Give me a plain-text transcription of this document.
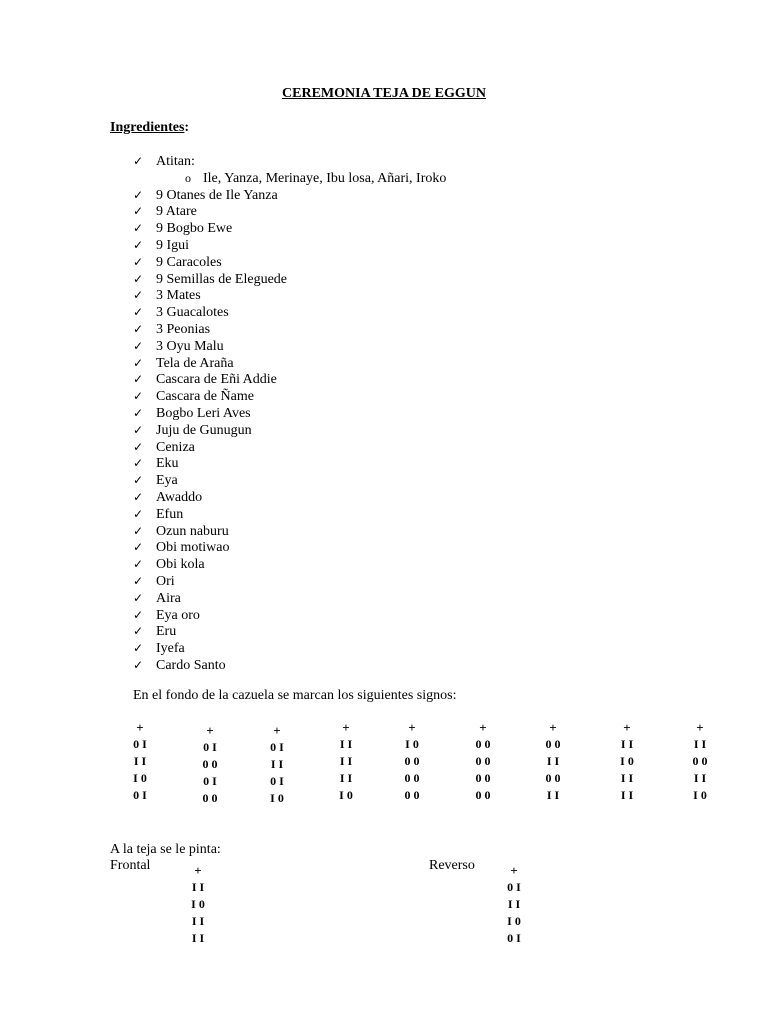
CEREMONIA TEJA DE EGGUN
Ingredientes:
✓ Atitan:
✓ 9 Otanes de Ile Yanza
✓ 9 Atare
✓ 9 Bogbo Ewe
✓ 9 Igui
✓ 9 Caracoles
✓ 9 Semillas de Eleguede
✓ 3 Mates
✓ 3 Guacalotes
✓ 3 Peonias
✓ 3 Oyu Malu
✓ Tela de Araña
✓ Cascara de Eñi Addie
✓ Cascara de Ñame
✓ Bogbo Leri Aves
✓ Juju de Gunugun
✓ Ceniza
✓ Eku
✓ Eya
✓ Awaddo
✓ Efun
✓ Ozun naburu
✓ Obi motiwao
✓ Obi kola
✓ Ori
✓ Aira
✓ Eya oro
✓ Eru
✓ Iyefa
✓ Cardo Santo
o Ile, Yanza, Merinaye, Ibu losa, Añari, Iroko
En el fondo de la cazuela se marcan los siguientes signos:
+
0 I
I I
I 0
0 I
+
0 I
0 0
0 I
0 0
+
0 I
I I
0 I
I 0
+
I I
I I
I I
I 0
+
I 0
0 0
0 0
0 0
+
0 0
0 0
0 0
0 0
+
0 0
I I
0 0
I I
+
I I
I 0
I I
I I
+
I I
0 0
I I
I 0
A la teja se le pinta:
Frontal	Reverso
+
I I
I 0
I I
I I
+
0 I
I I
I 0
0 I
